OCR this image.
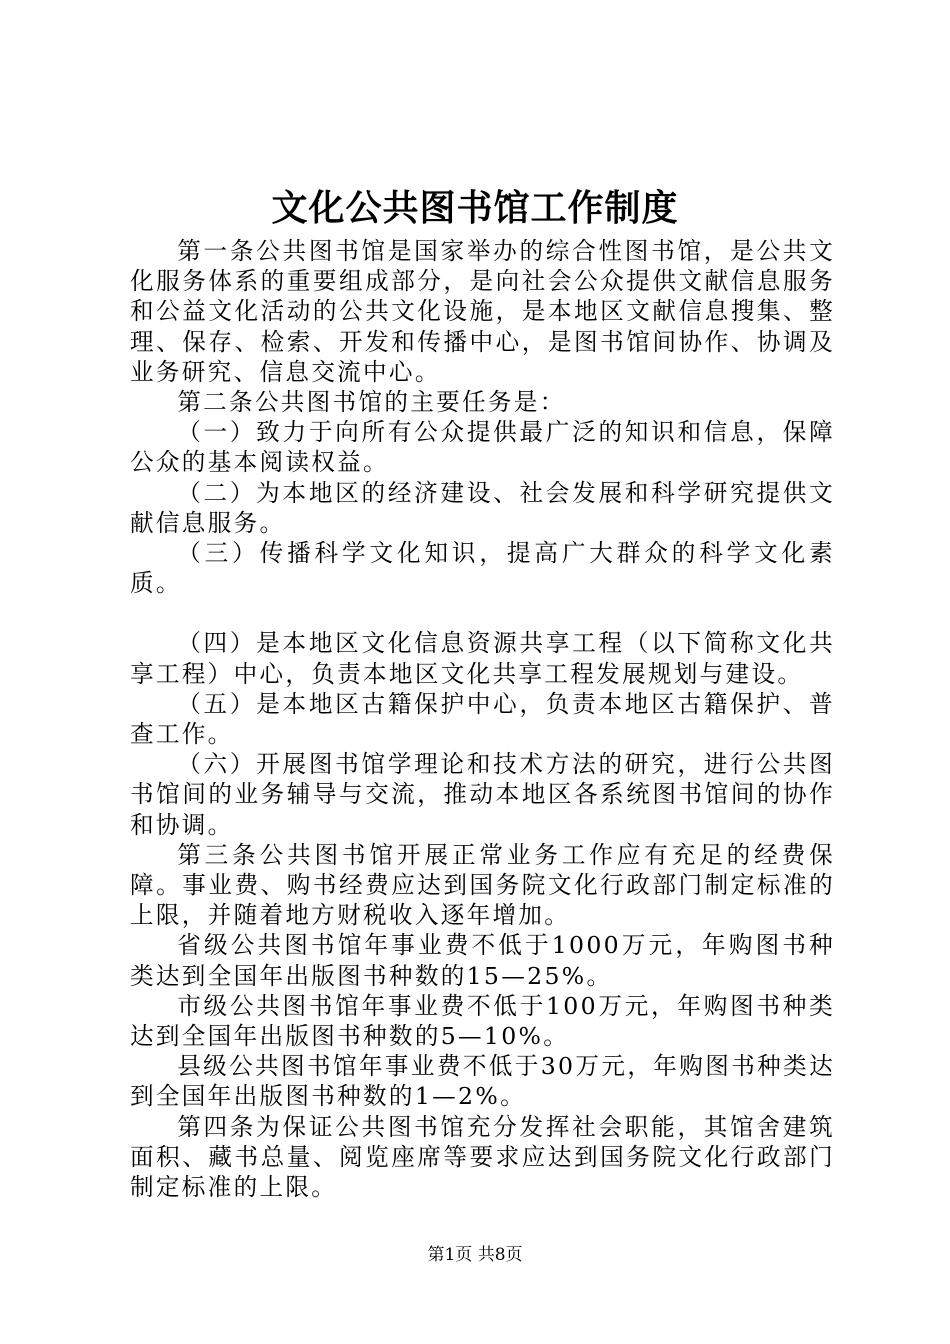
文化公共图书馆工作制度

第一条公共图书馆是国家举办的综合性图书馆，是公共文化服务体系的重要组成部分，是向社会公众提供文献信息服务和公益文化活动的公共文化设施，是本地区文献信息搜集、整理、保存、检索、开发和传播中心，是图书馆间协作、协调及业务研究、信息交流中心。

第二条公共图书馆的主要任务是：

（一）致力于向所有公众提供最广泛的知识和信息，保障公众的基本阅读权益。

（二）为本地区的经济建设、社会发展和科学研究提供文献信息服务。

（三）传播科学文化知识，提高广大群众的科学文化素质。

（四）是本地区文化信息资源共享工程（以下简称文化共享工程）中心，负责本地区文化共享工程发展规划与建设。

（五）是本地区古籍保护中心，负责本地区古籍保护、普查工作。

（六）开展图书馆学理论和技术方法的研究，进行公共图书馆间的业务辅导与交流，推动本地区各系统图书馆间的协作和协调。

第三条公共图书馆开展正常业务工作应有充足的经费保障。事业费、购书经费应达到国务院文化行政部门制定标准的上限，并随着地方财税收入逐年增加。

省级公共图书馆年事业费不低于1000万元，年购图书种类达到全国年出版图书种数的15—25%。

市级公共图书馆年事业费不低于100万元，年购图书种类达到全国年出版图书种数的5—10%。

县级公共图书馆年事业费不低于30万元，年购图书种类达到全国年出版图书种数的1—2%。

第四条为保证公共图书馆充分发挥社会职能，其馆舍建筑面积、藏书总量、阅览座席等要求应达到国务院文化行政部门制定标准的上限。

第1页 共8页
